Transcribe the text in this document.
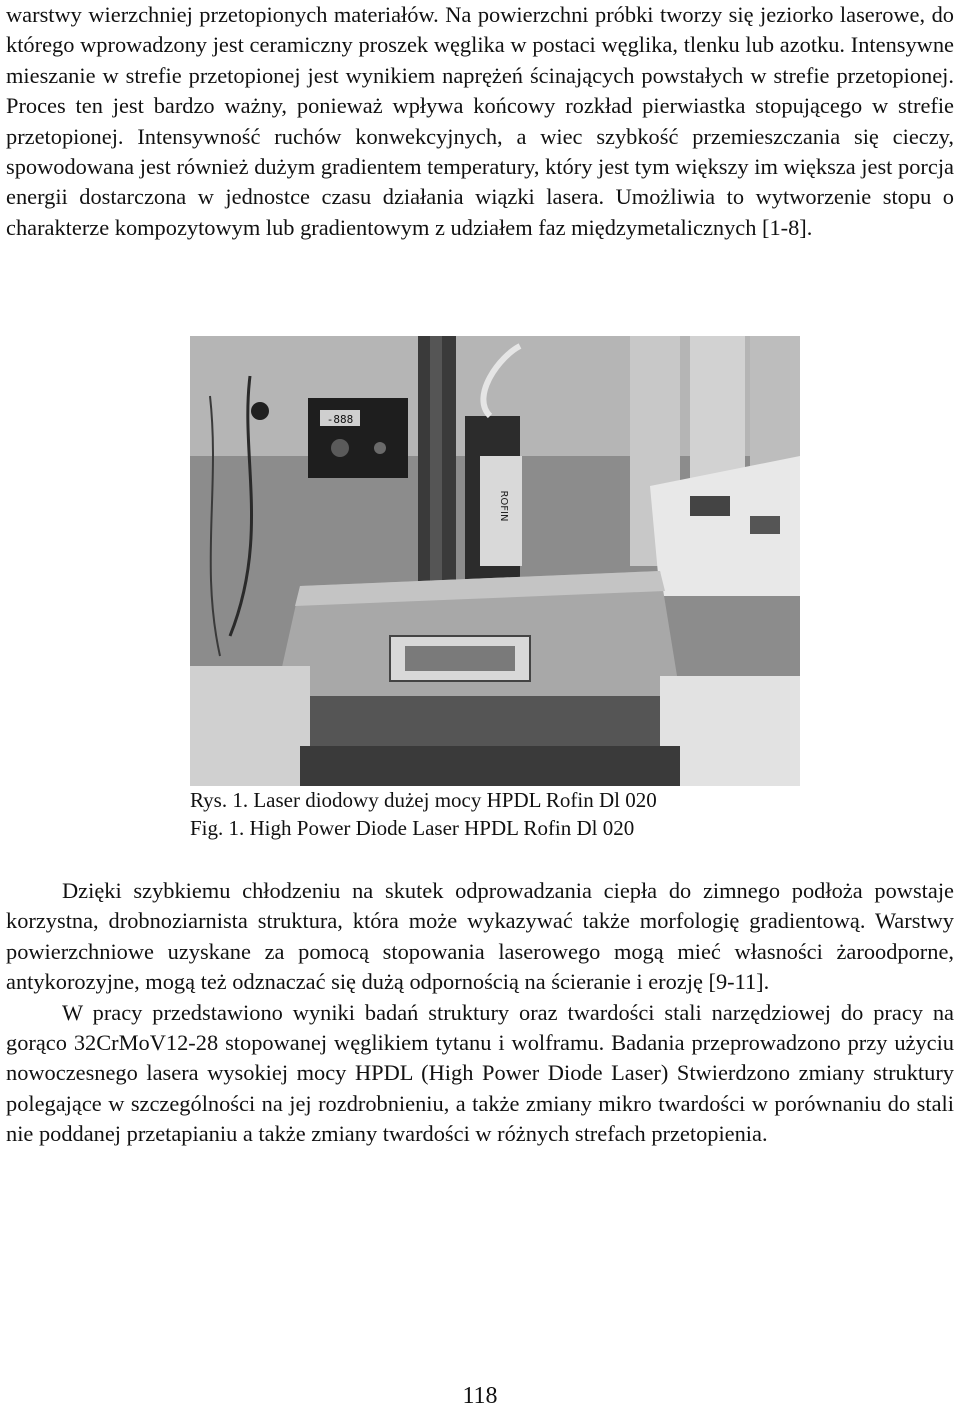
warstwy wierzchniej przetopionych materiałów. Na powierzchni próbki tworzy się jeziorko laserowe, do którego wprowadzony jest ceramiczny proszek węglika w postaci węglika, tlenku lub azotku. Intensywne mieszanie w strefie przetopionej jest wynikiem naprężeń ścinających powstałych w strefie przetopionej. Proces ten jest bardzo ważny, ponieważ wpływa końcowy rozkład pierwiastka stopującego w strefie przetopionej. Intensywność ruchów konwekcyjnych, a wiec szybkość przemieszczania się cieczy, spowodowana jest również dużym gradientem temperatury, który jest tym większy im większa jest porcja energii dostarczona w jednostce czasu działania wiązki lasera. Umożliwia to wytworzenie stopu o charakterze kompozytowym lub gradientowym z udziałem faz międzymetalicznych [1-8].

-888
ROFIN
Rys. 1. Laser diodowy dużej mocy HPDL Rofin Dl 020
Fig. 1. High Power Diode Laser HPDL Rofin Dl 020

Dzięki szybkiemu chłodzeniu na skutek odprowadzania ciepła do zimnego podłoża powstaje korzystna, drobnoziarnista struktura, która może wykazywać także morfologię gradientową. Warstwy powierzchniowe uzyskane za pomocą stopowania laserowego mogą mieć własności żaroodporne, antykorozyjne, mogą też odznaczać się dużą odpornością na ścieranie i erozję [9-11].

W pracy przedstawiono wyniki badań struktury oraz twardości stali narzędziowej do pracy na gorąco 32CrMoV12-28 stopowanej węglikiem tytanu i wolframu. Badania przeprowadzono przy użyciu nowoczesnego lasera wysokiej mocy HPDL (High Power Diode Laser) Stwierdzono zmiany struktury polegające w szczególności na jej rozdrobnieniu, a także zmiany mikro twardości w porównaniu do stali nie poddanej przetapianiu a także zmiany twardości w różnych strefach przetopienia.

118
